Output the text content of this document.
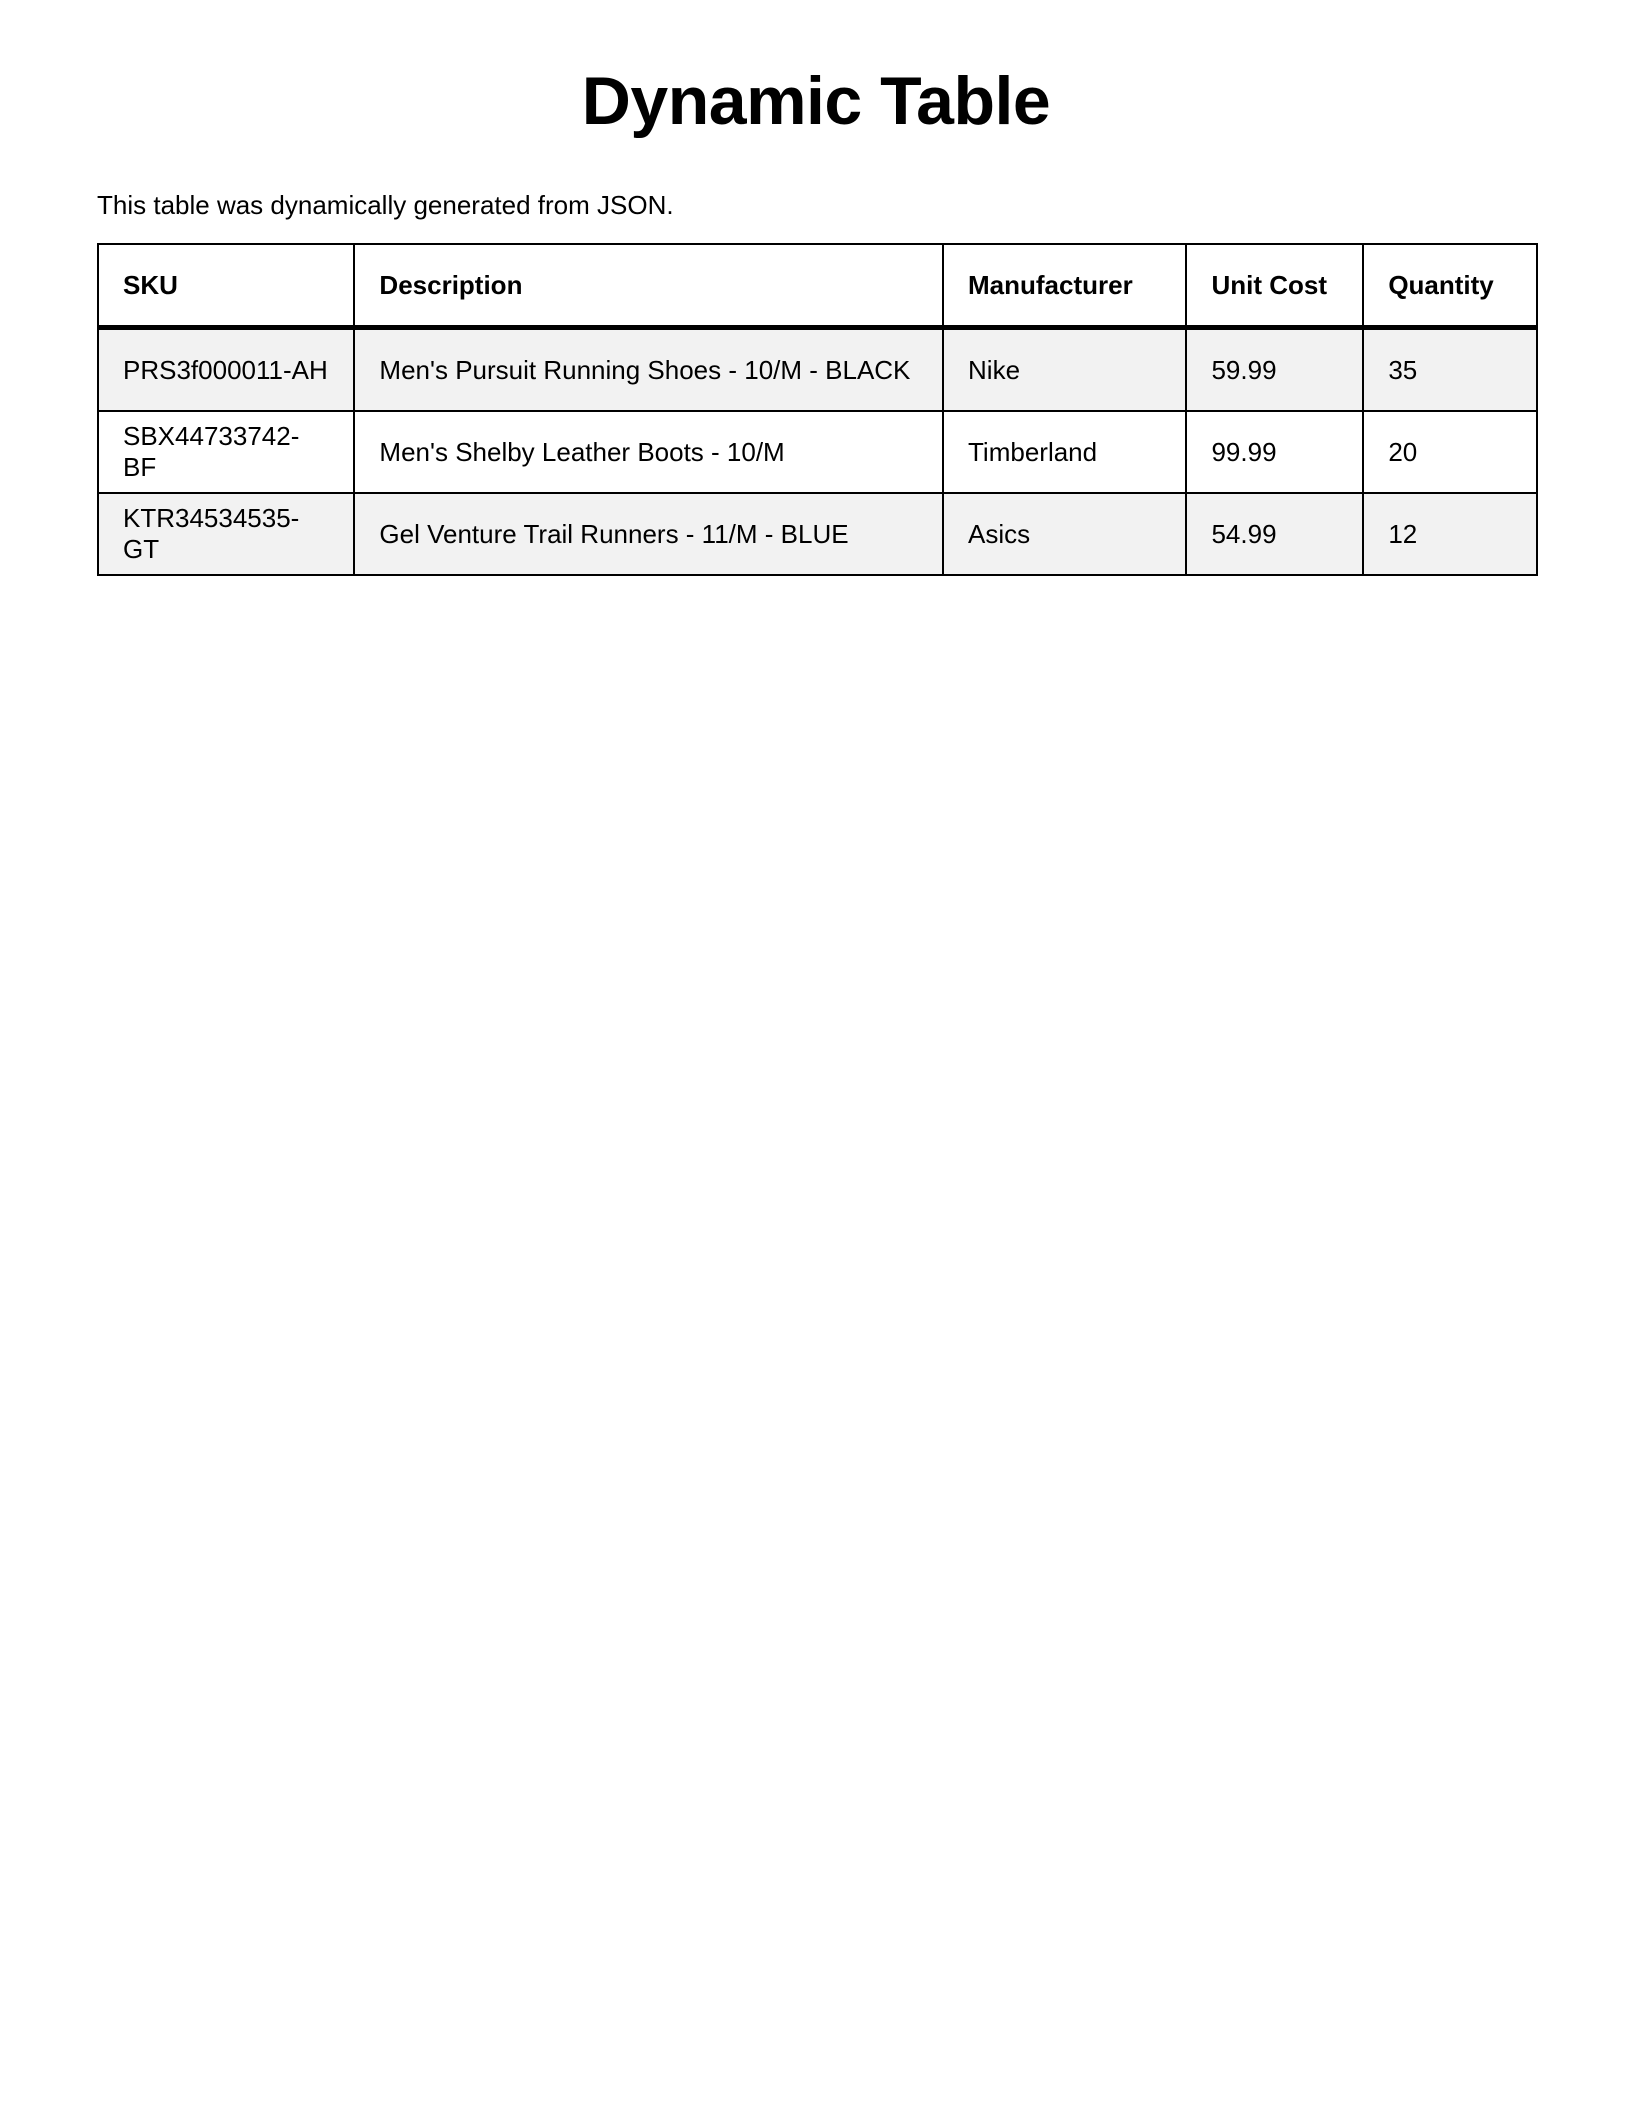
Dynamic Table

This table was dynamically generated from JSON.

SKU	Description	Manufacturer	Unit Cost	Quantity
PRS3f000011-AH	Men's Pursuit Running Shoes - 10/M - BLACK	Nike	59.99	35
SBX44733742-BF	Men's Shelby Leather Boots - 10/M	Timberland	99.99	20
KTR34534535-GT	Gel Venture Trail Runners - 11/M - BLUE	Asics	54.99	12
